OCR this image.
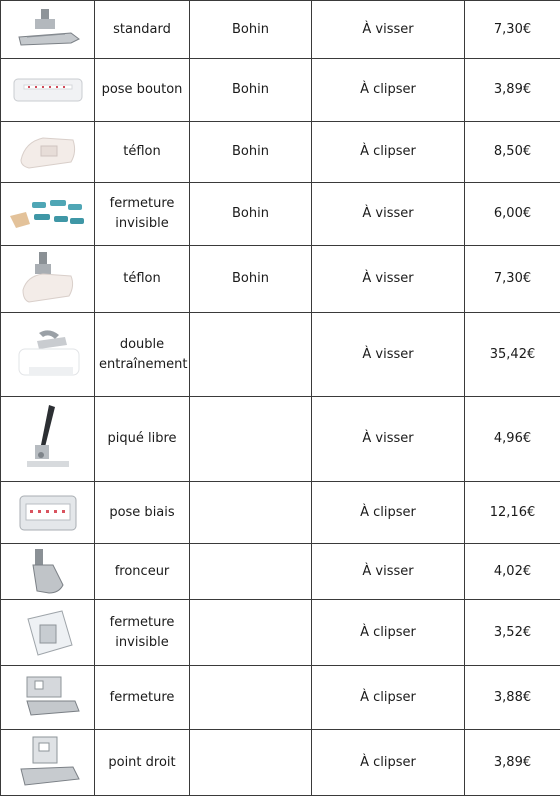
	standard	Bohin	À visser	7,30€

	pose bouton	Bohin	À clipser	3,89€

	téflon	Bohin	À clipser	8,50€

	fermeture invisible	Bohin	À visser	6,00€

	téflon	Bohin	À visser	7,30€

	double entraînement		À visser	35,42€

	piqué libre		À visser	4,96€

	pose biais		À clipser	12,16€

	fronceur		À visser	4,02€

	fermeture invisible		À clipser	3,52€

	fermeture		À clipser	3,88€

	point droit		À clipser	3,89€
